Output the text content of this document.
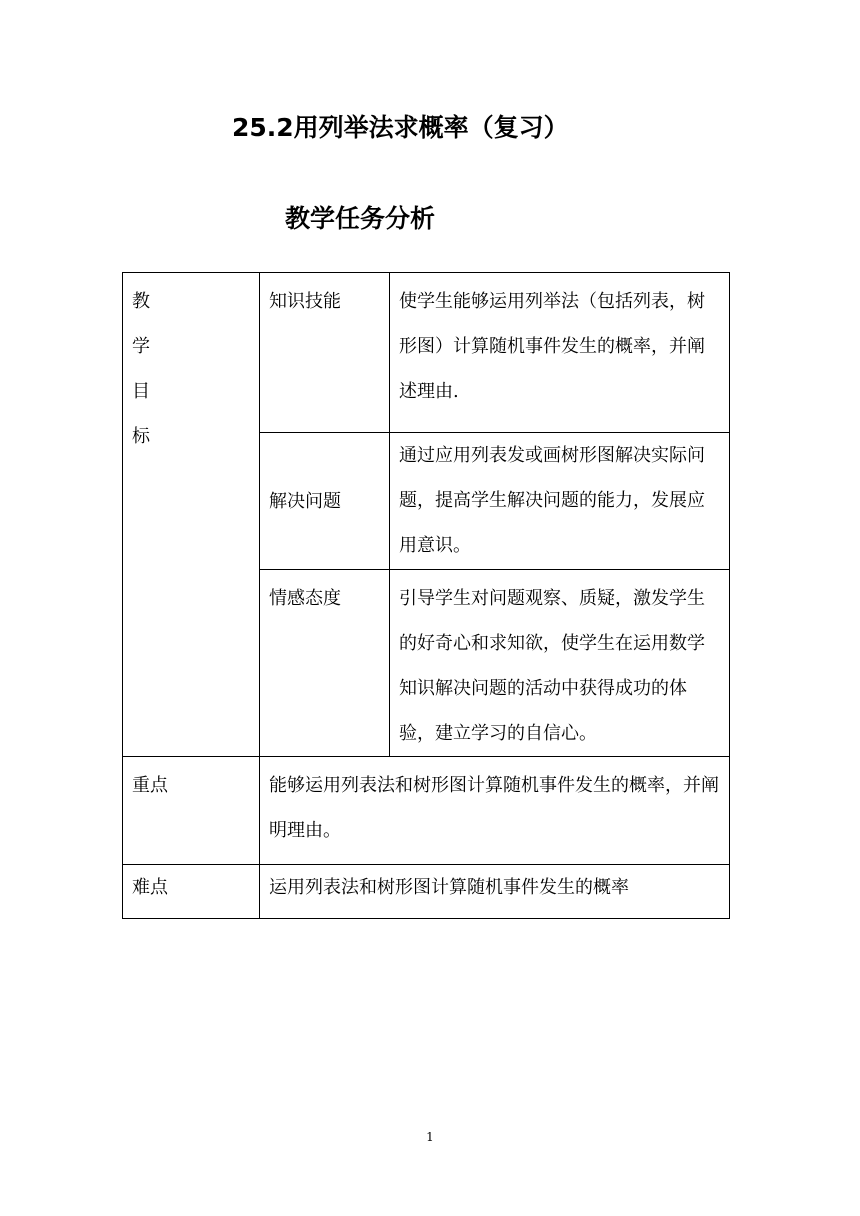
25.2用列举法求概率（复习）
教学任务分析
教
学
目
标	知识技能	使学生能够运用列举法（包括列表，树形图）计算随机事件发生的概率，并阐述理由.

	解决问题	通过应用列表发或画树形图解决实际问题，提高学生解决问题的能力，发展应用意识。

	情感态度	引导学生对问题观察、质疑，激发学生的好奇心和求知欲，使学生在运用数学知识解决问题的活动中获得成功的体验，建立学习的自信心。

重点	能够运用列表法和树形图计算随机事件发生的概率，并阐明理由。	

难点	运用列表法和树形图计算随机事件发生的概率	
1
